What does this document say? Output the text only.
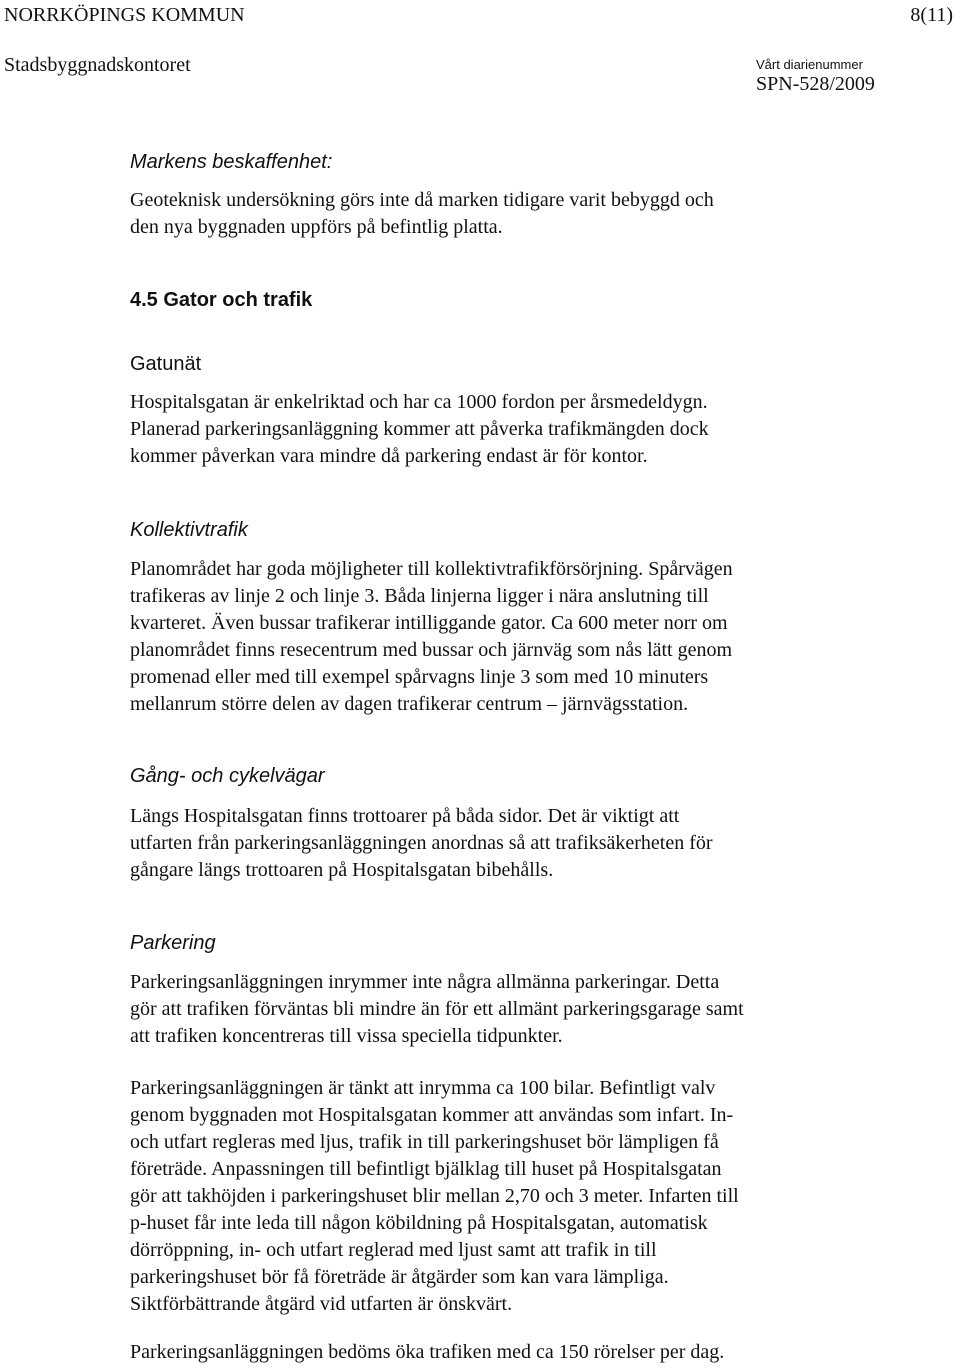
NORRKÖPINGS KOMMUN	8(11)
Stadsbyggnadskontoret	Vårt diarienummer
SPN-528/2009
Markens beskaffenhet:

Geoteknisk undersökning görs inte då marken tidigare varit bebyggd och
den nya byggnaden uppförs på befintlig platta.

4.5 Gator och trafik
Gatunät

Hospitalsgatan är enkelriktad och har ca 1000 fordon per årsmedeldygn.
Planerad parkeringsanläggning kommer att påverka trafikmängden dock
kommer påverkan vara mindre då parkering endast är för kontor.

Kollektivtrafik

Planområdet har goda möjligheter till kollektivtrafikförsörjning. Spårvägen
trafikeras av linje 2 och linje 3. Båda linjerna ligger i nära anslutning till
kvarteret. Även bussar trafikerar intilliggande gator. Ca 600 meter norr om
planområdet finns resecentrum med bussar och järnväg som nås lätt genom
promenad eller med till exempel spårvagns linje 3 som med 10 minuters
mellanrum större delen av dagen trafikerar centrum – järnvägsstation.

Gång- och cykelvägar

Längs Hospitalsgatan finns trottoarer på båda sidor. Det är viktigt att
utfarten från parkeringsanläggningen anordnas så att trafiksäkerheten för
gångare längs trottoaren på Hospitalsgatan bibehålls.

Parkering

Parkeringsanläggningen inrymmer inte några allmänna parkeringar. Detta
gör att trafiken förväntas bli mindre än för ett allmänt parkeringsgarage samt
att trafiken koncentreras till vissa speciella tidpunkter.

Parkeringsanläggningen är tänkt att inrymma ca 100 bilar. Befintligt valv
genom byggnaden mot Hospitalsgatan kommer att användas som infart. In-
och utfart regleras med ljus, trafik in till parkeringshuset bör lämpligen få
företräde. Anpassningen till befintligt bjälklag till huset på Hospitalsgatan
gör att takhöjden i parkeringshuset blir mellan 2,70 och 3 meter. Infarten till
p-huset får inte leda till någon köbildning på Hospitalsgatan, automatisk
dörröppning, in- och utfart reglerad med ljust samt att trafik in till
parkeringshuset bör få företräde är åtgärder som kan vara lämpliga.
Siktförbättrande åtgärd vid utfarten är önskvärt.

Parkeringsanläggningen bedöms öka trafiken med ca 150 rörelser per dag.
